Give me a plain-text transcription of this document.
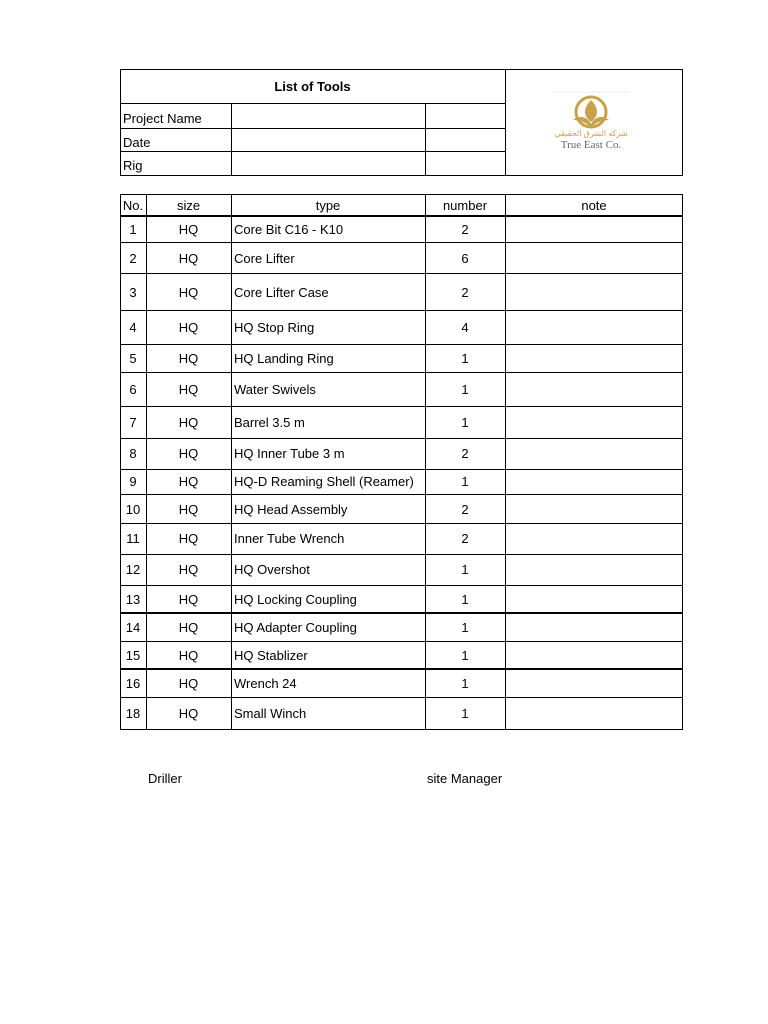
List of Tools
Project Name
Date
Rig
شركة الشرق الحقيقي
True East Co.
No.	size	type	number	note
1	HQ	Core Bit C16 - K10	2
2	HQ	Core Lifter	6
3	HQ	Core Lifter Case	2
4	HQ	HQ Stop Ring	4
5	HQ	HQ Landing Ring	1
6	HQ	Water Swivels	1
7	HQ	Barrel 3.5 m	1
8	HQ	HQ Inner Tube 3 m	2
9	HQ	HQ-D Reaming Shell (Reamer)	1
10	HQ	HQ Head Assembly	2
11	HQ	Inner Tube Wrench	2
12	HQ	HQ Overshot	1
13	HQ	HQ Locking Coupling	1
14	HQ	HQ Adapter Coupling	1
15	HQ	HQ Stablizer	1
16	HQ	Wrench 24	1
18	HQ	Small Winch	1
Driller	site Manager
